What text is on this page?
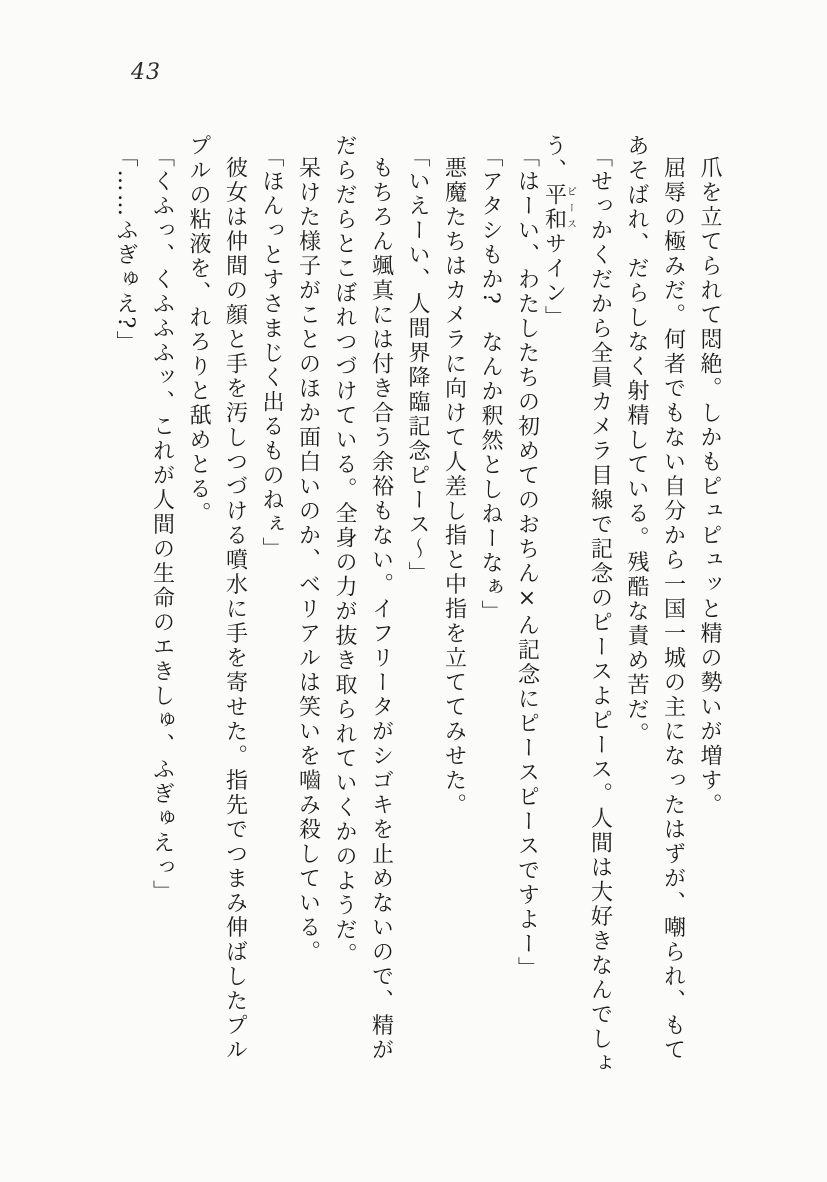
43
爪を立てられて悶絶。しかもピュピュッと精の勢いが増す。
屈辱の極みだ。何者でもない自分から一国一城の主になったはずが、嘲られ、もて
あそばれ、だらしなく射精している。残酷な責め苦だ。
「せっかくだから全員カメラ目線で記念のピースよピース。人間は大好きなんでしょ
う、平和ピースサイン」
「はーい、わたしたちの初めてのおちん×ん記念にピースピースですよー」
「アタシもか?　なんか釈然としねーなぁ」
悪魔たちはカメラに向けて人差し指と中指を立ててみせた。
「いえーい、人間界降臨記念ピース～」
もちろん颯真には付き合う余裕もない。イフリータがシゴキを止めないので、精が
だらだらとこぼれつづけている。全身の力が抜き取られていくかのようだ。
呆けた様子がことのほか面白いのか、ベリアルは笑いを嚙み殺している。
「ほんっとすさまじく出るものねぇ」
彼女は仲間の顔と手を汚しつづける噴水に手を寄せた。指先でつまみ伸ばしたプル
プルの粘液を、れろりと舐めとる。
「くふっ、くふふふッ、これが人間の生命のエきしゅ、ふぎゅえっ」
「……ふぎゅえ?」
